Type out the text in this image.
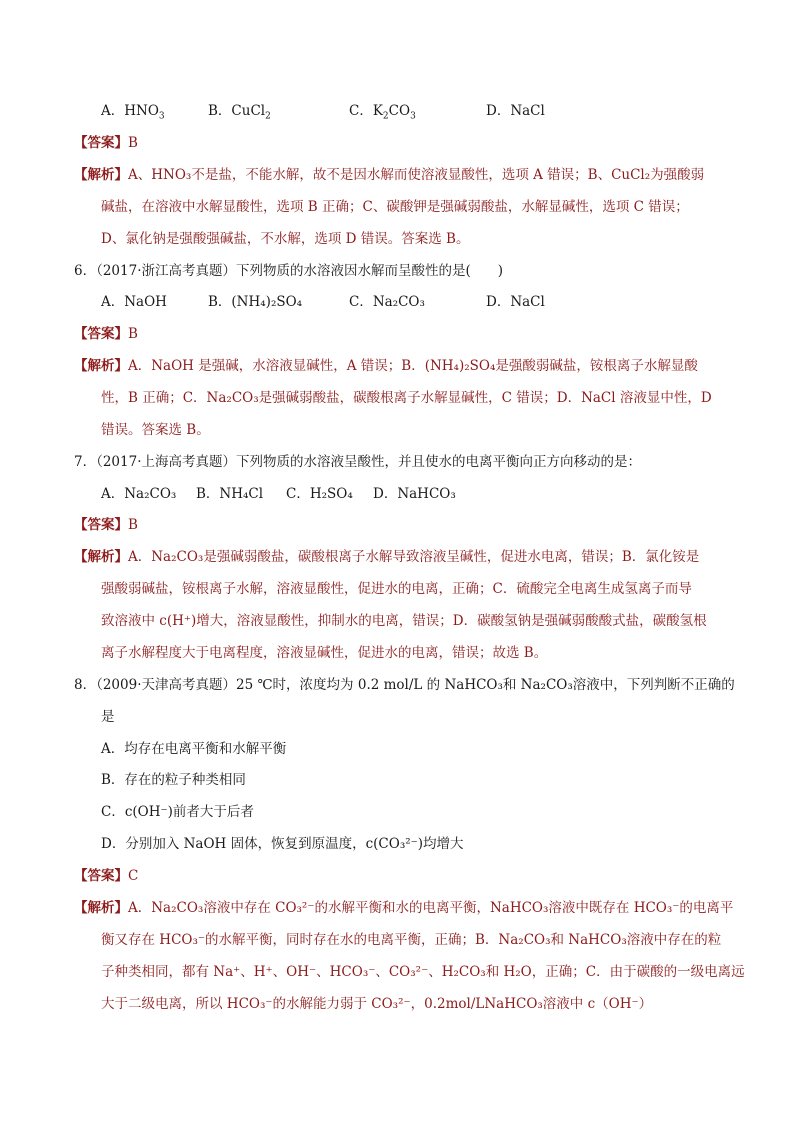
A．$HNO_3$	B．CuCl$_2$	C．$K_2CO_3$	D．NaCl
【答案】B
【解析】A、HNO₃不是盐，不能水解，故不是因水解而使溶液显酸性，选项 A 错误；B、CuCl₂为强酸弱
碱盐，在溶液中水解显酸性，选项 B 正确；C、碳酸钾是强碱弱酸盐，水解显碱性，选项 C 错误；
D、氯化钠是强酸强碱盐，不水解，选项 D 错误。答案选 B。
6．（2017·浙江高考真题）下列物质的水溶液因水解而呈酸性的是(　　)
A．NaOH	B．(NH₄)₂SO₄	C．Na₂CO₃	D．NaCl
【答案】B
【解析】A．NaOH 是强碱，水溶液显碱性，A 错误；B．(NH₄)₂SO₄是强酸弱碱盐，铵根离子水解显酸
性，B 正确；C．Na₂CO₃是强碱弱酸盐，碳酸根离子水解显碱性，C 错误；D．NaCl 溶液显中性，D
错误。答案选 B。
7．（2017·上海高考真题）下列物质的水溶液呈酸性，并且使水的电离平衡向正方向移动的是：
A．Na₂CO₃ B．NH₄Cl C．H₂SO₄ D．NaHCO₃
【答案】B
【解析】A．Na₂CO₃是强碱弱酸盐，碳酸根离子水解导致溶液呈碱性，促进水电离，错误；B．氯化铵是
强酸弱碱盐，铵根离子水解，溶液显酸性，促进水的电离，正确；C．硫酸完全电离生成氢离子而导
致溶液中 c(H⁺)增大，溶液显酸性，抑制水的电离，错误；D．碳酸氢钠是强碱弱酸酸式盐，碳酸氢根
离子水解程度大于电离程度，溶液显碱性，促进水的电离，错误；故选 B。
8．（2009·天津高考真题）25 ℃时，浓度均为 0.2 mol/L 的 NaHCO₃和 Na₂CO₃溶液中，下列判断不正确的
是
A．均存在电离平衡和水解平衡
B．存在的粒子种类相同
C．c(OH⁻)前者大于后者
D．分别加入 NaOH 固体，恢复到原温度，c(CO₃²⁻)均增大
【答案】C
【解析】A．Na₂CO₃溶液中存在 CO₃²⁻的水解平衡和水的电离平衡，NaHCO₃溶液中既存在 HCO₃⁻的电离平
衡又存在 HCO₃⁻的水解平衡，同时存在水的电离平衡，正确；B．Na₂CO₃和 NaHCO₃溶液中存在的粒
子种类相同，都有 Na⁺、H⁺、OH⁻、HCO₃⁻、CO₃²⁻、H₂CO₃和 H₂O，正确；C．由于碳酸的一级电离远
大于二级电离，所以 HCO₃⁻的水解能力弱于 CO₃²⁻，0.2mol/LNaHCO₃溶液中 c（OH⁻）
